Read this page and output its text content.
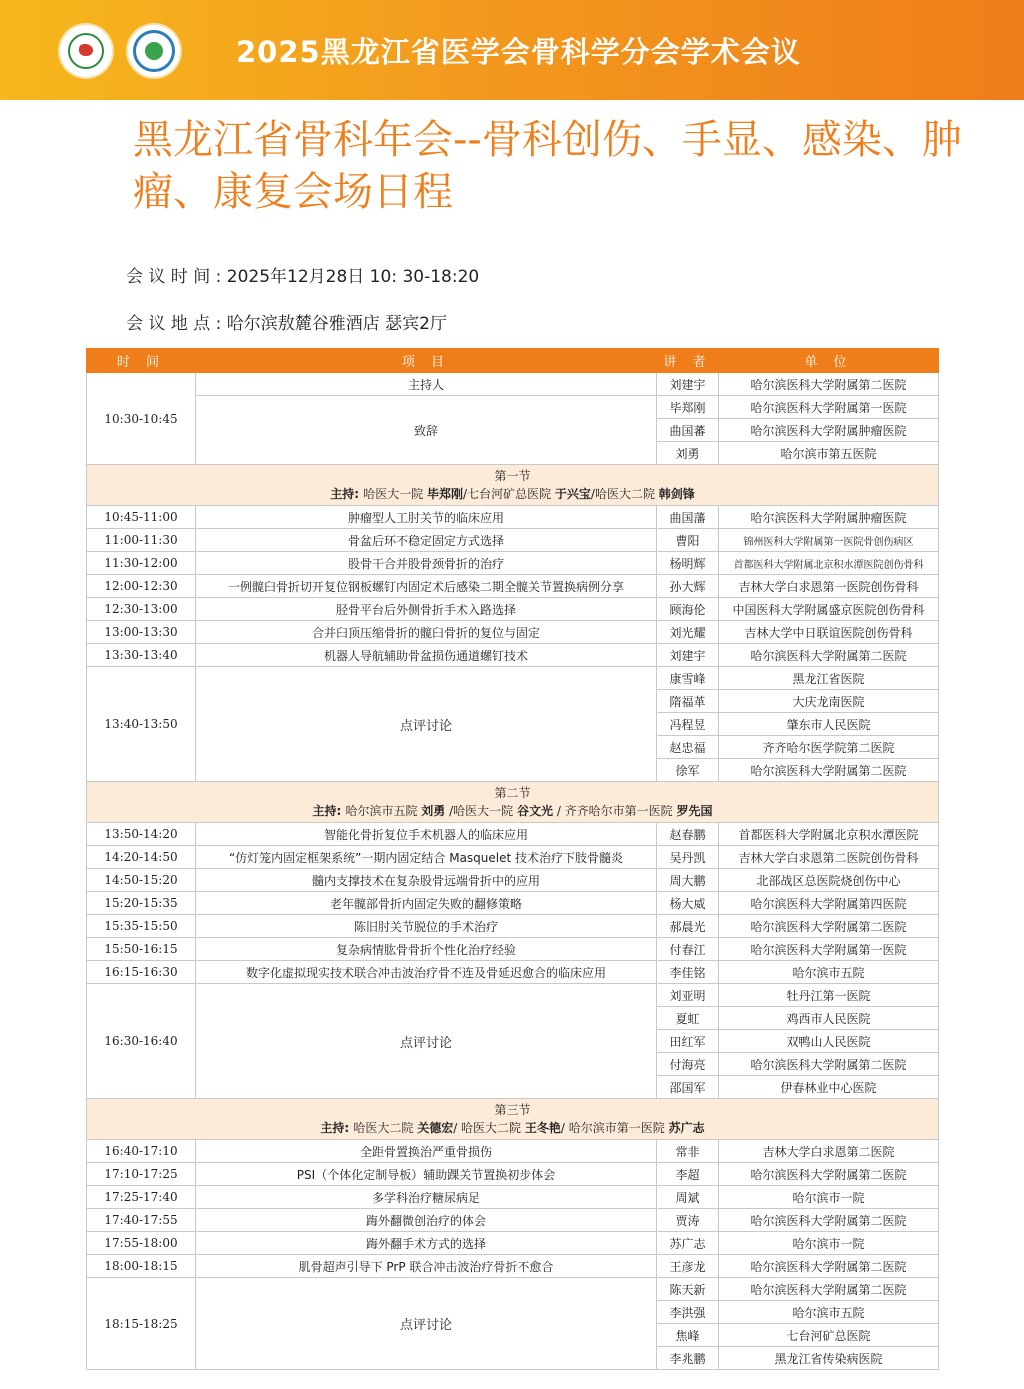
2025黑龙江省医学会骨科学分会学术会议
黑龙江省骨科年会--骨科创伤、手显、感染、肿瘤、康复会场日程
会 议 时 间 : 2025年12月28日 10: 30-18:20
会 议 地 点 : 哈尔滨敖麓谷雅酒店 瑟宾2厅
时 间	项 目	讲 者	单 位
10:30-10:45	主持人	刘建宇	哈尔滨医科大学附属第二医院
	致辞	毕郑刚	哈尔滨医科大学附属第一医院
		曲国蕃	哈尔滨医科大学附属肿瘤医院
		刘勇	哈尔滨市第五医院

第一节
主持: 哈医大一院 毕郑刚/七台河矿总医院 于兴宝/哈医大二院 韩剑锋			

10:45-11:00	肿瘤型人工肘关节的临床应用	曲国藩	哈尔滨医科大学附属肿瘤医院
11:00-11:30	骨盆后环不稳定固定方式选择	曹阳	锦州医科大学附属第一医院骨创伤病区
11:30-12:00	股骨干合并股骨颈骨折的治疗	杨明辉	首都医科大学附属北京积水潭医院创伤骨科
12:00-12:30	一例髋臼骨折切开复位钢板螺钉内固定术后感染二期全髋关节置换病例分享	孙大辉	吉林大学白求恩第一医院创伤骨科
12:30-13:00	胫骨平台后外侧骨折手术入路选择	顾海伦	中国医科大学附属盛京医院创伤骨科
13:00-13:30	合并臼顶压缩骨折的髋臼骨折的复位与固定	刘光耀	吉林大学中日联谊医院创伤骨科
13:30-13:40	机器人导航辅助骨盆损伤通道螺钉技术	刘建宇	哈尔滨医科大学附属第二医院
13:40-13:50	点评讨论	康雪峰	黑龙江省医院
		隋福革	大庆龙南医院
		冯程昱	肇东市人民医院
		赵忠福	齐齐哈尔医学院第二医院
		徐军	哈尔滨医科大学附属第二医院

第二节
主持: 哈尔滨市五院 刘勇 /哈医大一院 谷文光 / 齐齐哈尔市第一医院 罗先国			

13:50-14:20	智能化骨折复位手术机器人的临床应用	赵春鹏	首都医科大学附属北京积水潭医院
14:20-14:50	“仿灯笼内固定框架系统”一期内固定结合 Masquelet 技术治疗下肢骨髓炎	吴丹凯	吉林大学白求恩第二医院创伤骨科
14:50-15:20	髓内支撑技术在复杂股骨远端骨折中的应用	周大鹏	北部战区总医院烧创伤中心
15:20-15:35	老年髋部骨折内固定失败的翻修策略	杨大威	哈尔滨医科大学附属第四医院
15:35-15:50	陈旧肘关节脱位的手术治疗	郝晨光	哈尔滨医科大学附属第二医院
15:50-16:15	复杂病情肱骨骨折个性化治疗经验	付春江	哈尔滨医科大学附属第一医院
16:15-16:30	数字化虚拟现实技术联合冲击波治疗骨不连及骨延迟愈合的临床应用	李佳铭	哈尔滨市五院
16:30-16:40	点评讨论	刘亚明	牡丹江第一医院
		夏虹	鸡西市人民医院
		田红军	双鸭山人民医院
		付海亮	哈尔滨医科大学附属第二医院
		邵国军	伊春林业中心医院

第三节
主持: 哈医大二院 关德宏/ 哈医大二院 王冬艳/ 哈尔滨市第一医院 苏广志			

16:40-17:10	全距骨置换治严重骨损伤	常非	吉林大学白求恩第二医院
17:10-17:25	PSI（个体化定制导板）辅助踝关节置换初步体会	李超	哈尔滨医科大学附属第二医院
17:25-17:40	多学科治疗糖尿病足	周斌	哈尔滨市一院
17:40-17:55	踇外翻微创治疗的体会	贾涛	哈尔滨医科大学附属第二医院
17:55-18:00	踇外翻手术方式的选择	苏广志	哈尔滨市一院
18:00-18:15	肌骨超声引导下 PrP 联合冲击波治疗骨折不愈合	王彦龙	哈尔滨医科大学附属第二医院
18:15-18:25	点评讨论	陈天新	哈尔滨医科大学附属第二医院
		李洪强	哈尔滨市五院
		焦峰	七台河矿总医院
		李兆鹏	黑龙江省传染病医院
